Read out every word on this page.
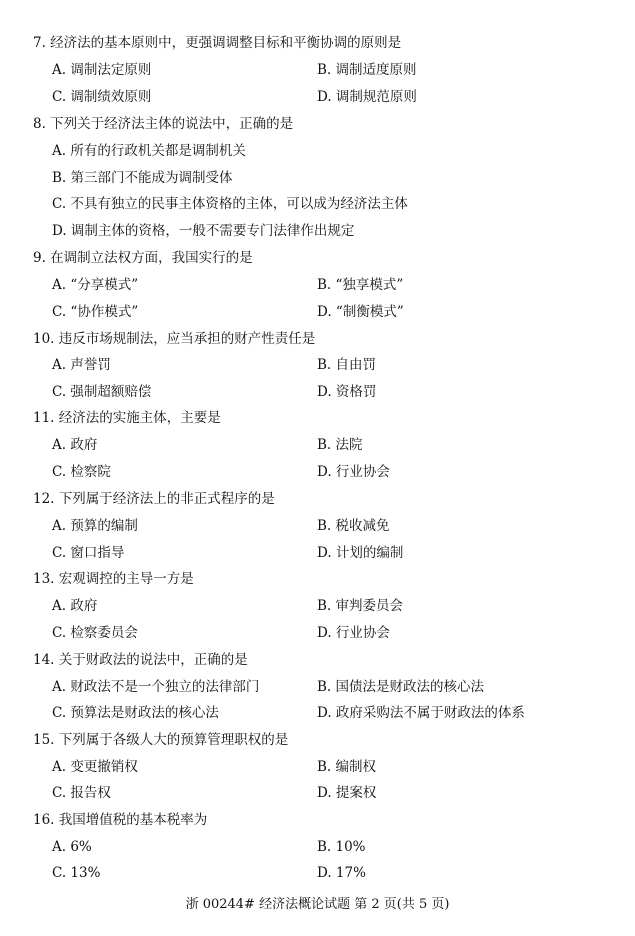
7. 经济法的基本原则中，更强调调整目标和平衡协调的原则是
A. 调制法定原则	B. 调制适度原则
C. 调制绩效原则	D. 调制规范原则
8. 下列关于经济法主体的说法中，正确的是
A. 所有的行政机关都是调制机关
B. 第三部门不能成为调制受体
C. 不具有独立的民事主体资格的主体，可以成为经济法主体
D. 调制主体的资格，一般不需要专门法律作出规定
9. 在调制立法权方面，我国实行的是
A. “分享模式”	B. “独享模式”
C. “协作模式”	D. “制衡模式”
10. 违反市场规制法，应当承担的财产性责任是
A. 声誉罚	B. 自由罚
C. 强制超额赔偿	D. 资格罚
11. 经济法的实施主体，主要是
A. 政府	B. 法院
C. 检察院	D. 行业协会
12. 下列属于经济法上的非正式程序的是
A. 预算的编制	B. 税收减免
C. 窗口指导	D. 计划的编制
13. 宏观调控的主导一方是
A. 政府	B. 审判委员会
C. 检察委员会	D. 行业协会
14. 关于财政法的说法中，正确的是
A. 财政法不是一个独立的法律部门	B. 国债法是财政法的核心法
C. 预算法是财政法的核心法	D. 政府采购法不属于财政法的体系
15. 下列属于各级人大的预算管理职权的是
A. 变更撤销权	B. 编制权
C. 报告权	D. 提案权
16. 我国增值税的基本税率为
A. 6%	B. 10%
C. 13%	D. 17%
浙 00244# 经济法概论试题 第 2 页(共 5 页)
